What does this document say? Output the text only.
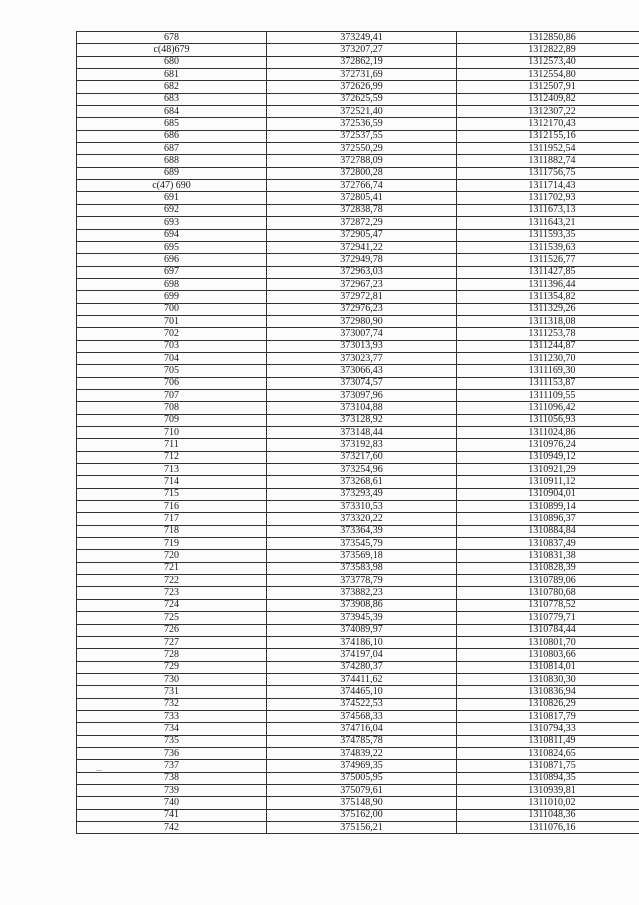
678	373249,41	1312850,86
с(48)679	373207,27	1312822,89
680	372862,19	1312573,40
681	372731,69	1312554,80
682	372626,99	1312507,91
683	372625,59	1312409,82
684	372521,40	1312307,22
685	372536,59	1312170,43
686	372537,55	1312155,16
687	372550,29	1311952,54
688	372788,09	1311882,74
689	372800,28	1311756,75
с(47) 690	372766,74	1311714,43
691	372805,41	1311702,93
692	372838,78	1311673,13
693	372872,29	1311643,21
694	372905,47	1311593,35
695	372941,22	1311539,63
696	372949,78	1311526,77
697	372963,03	1311427,85
698	372967,23	1311396,44
699	372972,81	1311354,82
700	372976,23	1311329,26
701	372980,90	1311318,08
702	373007,74	1311253,78
703	373013,93	1311244,87
704	373023,77	1311230,70
705	373066,43	1311169,30
706	373074,57	1311153,87
707	373097,96	1311109,55
708	373104,88	1311096,42
709	373128,92	1311056,93
710	373148,44	1311024,86
711	373192,83	1310976,24
712	373217,60	1310949,12
713	373254,96	1310921,29
714	373268,61	1310911,12
715	373293,49	1310904,01
716	373310,53	1310899,14
717	373320,22	1310896,37
718	373364,39	1310884,84
719	373545,79	1310837,49
720	373569,18	1310831,38
721	373583,98	1310828,39
722	373778,79	1310789,06
723	373882,23	1310780,68
724	373908,86	1310778,52
725	373945,39	1310779,71
726	374089,97	1310784,44
727	374186,10	1310801,70
728	374197,04	1310803,66
729	374280,37	1310814,01
730	374411,62	1310830,30
731	374465,10	1310836,94
732	374522,53	1310826,29
733	374568,33	1310817,79
734	374716,04	1310794,33
735	374785,78	1310811,49
736	374839,22	1310824,65
737	374969,35	1310871,75
738	375005,95	1310894,35
739	375079,61	1310939,81
740	375148,90	1311010,02
741	375162,00	1311048,36
742	375156,21	1311076,16
